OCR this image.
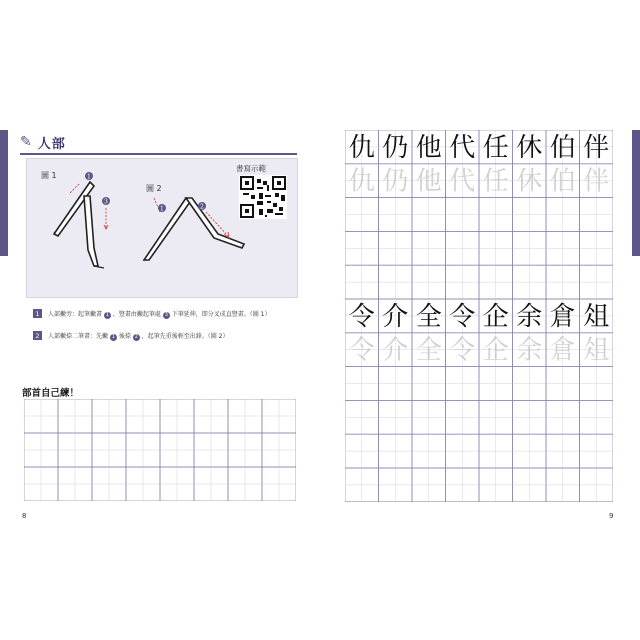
✎ 人部
圖 1
圖 2
1
3
1	2
書寫示範
1	人部撇旁：起筆撇畫 1 ，豎畫由撇起筆處 3 下筆延伸，即分叉成直豎畫。（圖 1）
2	人部撇捺二筆畫：先撇 1 後捺 2 ，起筆先重後輕至出鋒。（圖 2）
部首自己練！
8
仇 仍 他 代 任 休 伯 伴
仇 仍 他 代 任 休 伯 伴
令 介 全 令 企 余 倉 俎
令 介 全 令 企 余 倉 俎
9
